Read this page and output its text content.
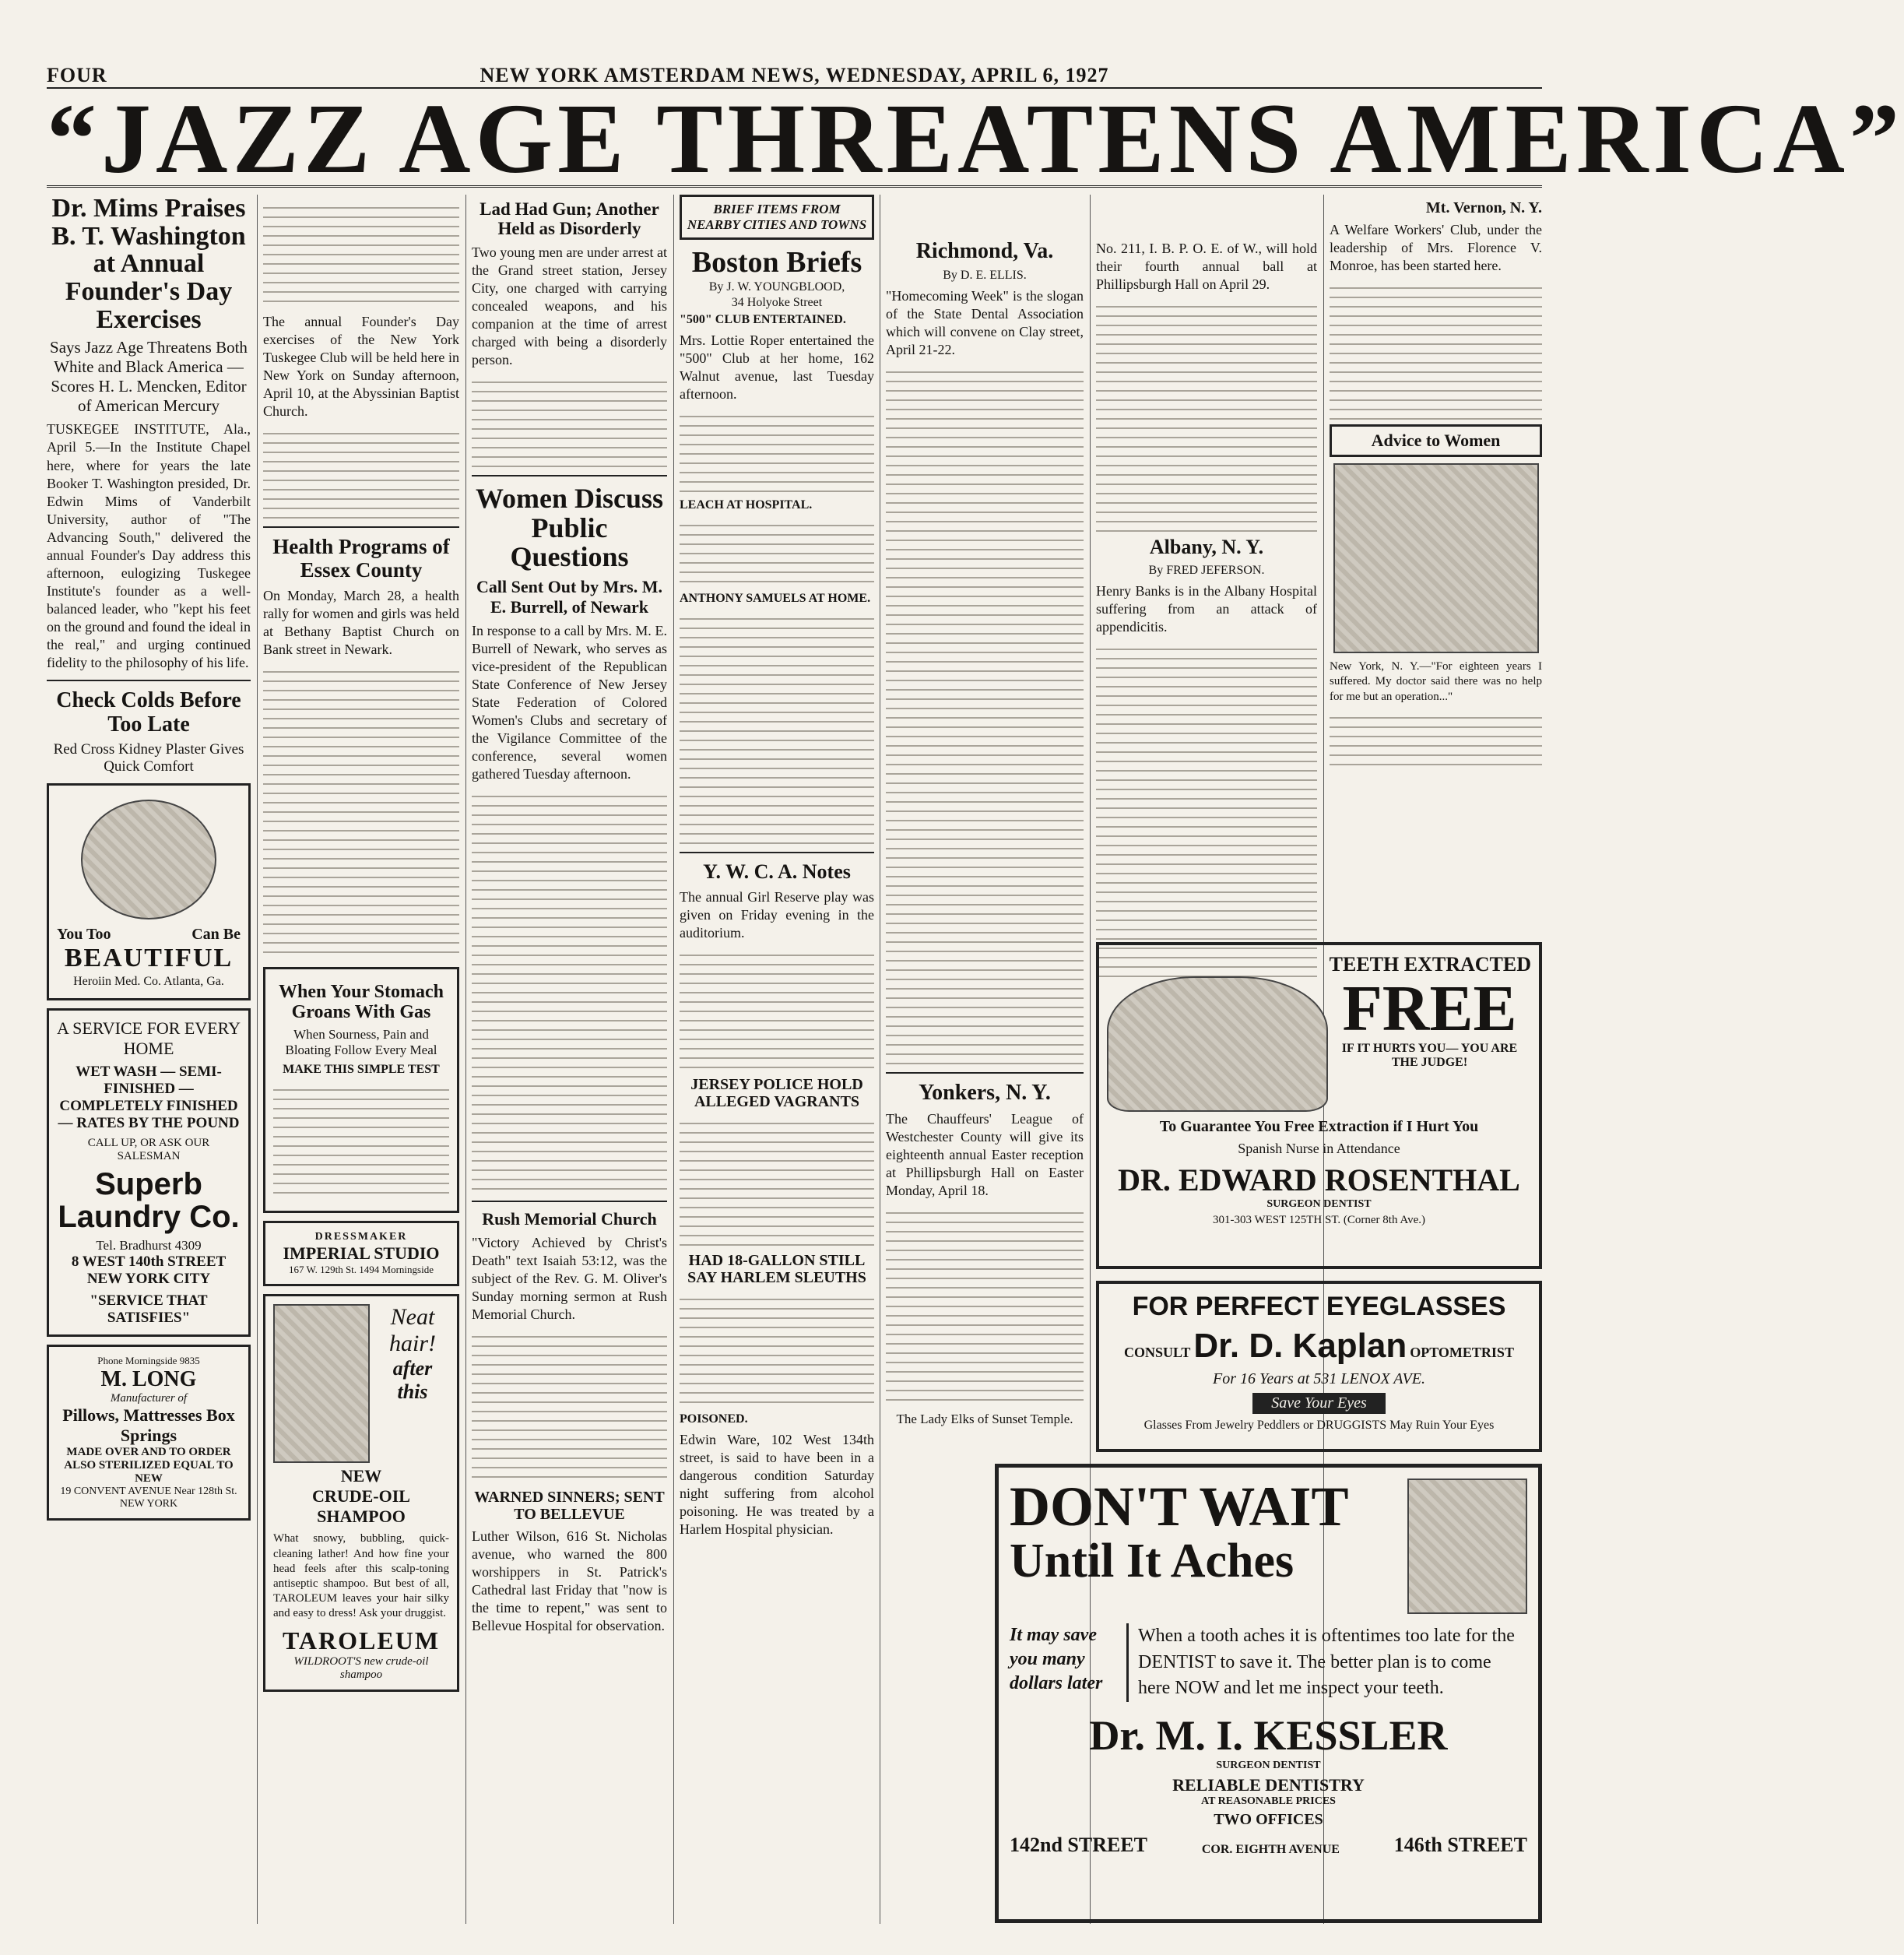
FOUR	NEW YORK AMSTERDAM NEWS, WEDNESDAY, APRIL 6, 1927
“JAZZ AGE THREATENS AMERICA”
Dr. Mims Praises B. T. Washington
at Annual Founder's Day Exercises
Says Jazz Age Threatens Both White and Black America — Scores H. L. Mencken, Editor of American Mercury
TUSKEGEE INSTITUTE, Ala., April 5.—In the Institute Chapel here, where for years the late Booker T. Washington presided, Dr. Edwin Mims of Vanderbilt University, author of "The Advancing South," delivered the annual Founder's Day address this afternoon, eulogizing Tuskegee Institute's founder as a well-balanced leader, who "kept his feet on the ground and found the ideal in the real," and urging continued fidelity to the philosophy of his life.
Check Colds Before Too Late
Red Cross Kidney Plaster Gives Quick Comfort
You Too	Can Be
BEAUTIFUL
Heroiin Med. Co. Atlanta, Ga.
A SERVICE FOR EVERY HOME
WET WASH — SEMI-FINISHED — COMPLETELY FINISHED — RATES BY THE POUND
CALL UP, OR ASK OUR SALESMAN
Superb Laundry Co.
Tel. Bradhurst 4309
8 WEST 140th STREET NEW YORK CITY
"SERVICE THAT SATISFIES"
Phone Morningside 9835
M. LONG
Manufacturer of
Pillows, Mattresses Box Springs
MADE OVER AND TO ORDER ALSO STERILIZED EQUAL TO NEW
19 CONVENT AVENUE Near 128th St. NEW YORK
The annual Founder's Day exercises of the New York Tuskegee Club will be held here in New York on Sunday afternoon, April 10, at the Abyssinian Baptist Church.
Health Programs of Essex County
On Monday, March 28, a health rally for women and girls was held at Bethany Baptist Church on Bank street in Newark.
When Your Stomach Groans With Gas
When Sourness, Pain and Bloating Follow Every Meal
MAKE THIS SIMPLE TEST
DRESSMAKER
IMPERIAL STUDIO
167 W. 129th St. 1494 Morningside
Neat hair!
after this
NEW
CRUDE-OIL SHAMPOO
What snowy, bubbling, quick-cleaning lather! And how fine your head feels after this scalp-toning antiseptic shampoo. But best of all, TAROLEUM leaves your hair silky and easy to dress! Ask your druggist.
TAROLEUM
WILDROOT'S new crude-oil shampoo
Lad Had Gun; Another Held as Disorderly
Two young men are under arrest at the Grand street station, Jersey City, one charged with carrying concealed weapons, and his companion at the time of arrest charged with being a disorderly person.
Women Discuss Public Questions
Call Sent Out by Mrs. M. E. Burrell, of Newark
In response to a call by Mrs. M. E. Burrell of Newark, who serves as vice-president of the Republican State Conference of New Jersey State Federation of Colored Women's Clubs and secretary of the Vigilance Committee of the conference, several women gathered Tuesday afternoon.
Rush Memorial Church
"Victory Achieved by Christ's Death" text Isaiah 53:12, was the subject of the Rev. G. M. Oliver's Sunday morning sermon at Rush Memorial Church.
WARNED SINNERS; SENT TO BELLEVUE
Luther Wilson, 616 St. Nicholas avenue, who warned the 800 worshippers in St. Patrick's Cathedral last Friday that "now is the time to repent," was sent to Bellevue Hospital for observation.
BRIEF ITEMS FROM NEARBY CITIES AND TOWNS
Boston Briefs
By J. W. YOUNGBLOOD,
34 Holyoke Street
"500" CLUB ENTERTAINED.
Mrs. Lottie Roper entertained the "500" Club at her home, 162 Walnut avenue, last Tuesday afternoon.
LEACH AT HOSPITAL.
ANTHONY SAMUELS AT HOME.
Y. W. C. A. Notes
The annual Girl Reserve play was given on Friday evening in the auditorium.
JERSEY POLICE HOLD ALLEGED VAGRANTS
HAD 18-GALLON STILL SAY HARLEM SLEUTHS
POISONED.
Edwin Ware, 102 West 134th street, is said to have been in a dangerous condition Saturday night suffering from alcohol poisoning. He was treated by a Harlem Hospital physician.
Richmond, Va.
By D. E. ELLIS.
"Homecoming Week" is the slogan of the State Dental Association which will convene on Clay street, April 21-22.
Yonkers, N. Y.
The Chauffeurs' League of Westchester County will give its eighteenth annual Easter reception at Phillipsburgh Hall on Easter Monday, April 18.
The Lady Elks of Sunset Temple.
No. 211, I. B. P. O. E. of W., will hold their fourth annual ball at Phillipsburgh Hall on April 29.
Albany, N. Y.
By FRED JEFERSON.
Henry Banks is in the Albany Hospital suffering from an attack of appendicitis.
Mt. Vernon, N. Y.
A Welfare Workers' Club, under the leadership of Mrs. Florence V. Monroe, has been started here.
Advice to Women
New York, N. Y.—"For eighteen years I suffered. My doctor said there was no help for me but an operation..."
TEETH EXTRACTED
FREE
IF IT HURTS YOU— YOU ARE THE JUDGE!
To Guarantee You Free Extraction if I Hurt You
Spanish Nurse in Attendance
DR. EDWARD ROSENTHAL
SURGEON DENTIST
301-303 WEST 125TH ST. (Corner 8th Ave.)
FOR PERFECT EYEGLASSES
CONSULT Dr. D. Kaplan OPTOMETRIST
For 16 Years at 531 LENOX AVE.
Save Your Eyes
Glasses From Jewelry Peddlers or DRUGGISTS May Ruin Your Eyes
DON'T WAIT
Until It Aches
It may save you many dollars later
When a tooth aches it is oftentimes too late for the DENTIST to save it. The better plan is to come here NOW and let me inspect your teeth.
Dr. M. I. KESSLER
SURGEON DENTIST
RELIABLE DENTISTRY
AT REASONABLE PRICES
TWO OFFICES
142nd STREET	COR. EIGHTH AVENUE	146th STREET
